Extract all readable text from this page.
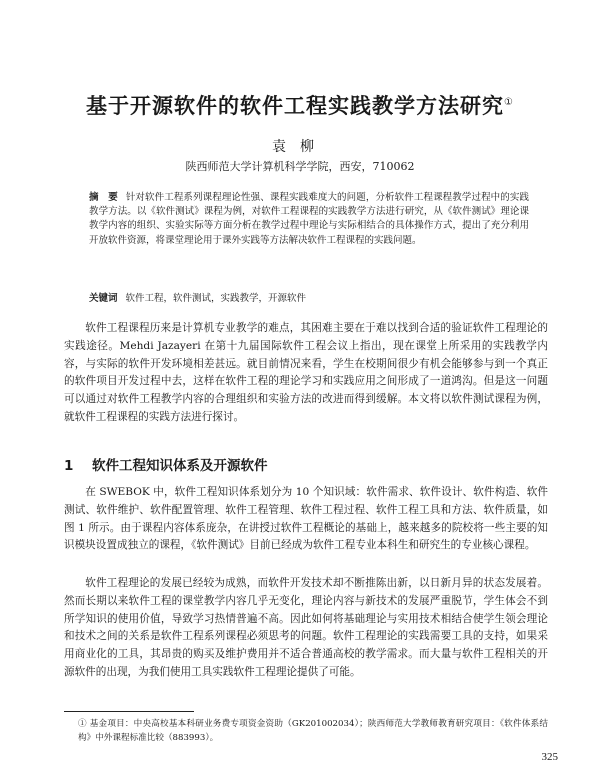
基于开源软件的软件工程实践教学方法研究①
袁柳
陕西师范大学计算机科学学院，西安，710062
摘　要 针对软件工程系列课程理论性强、课程实践难度大的问题，分析软件工程课程教学过程中的实践教学方法。以《软件测试》课程为例，对软件工程课程的实践教学方法进行研究，从《软件测试》理论课教学内容的组织、实验实际等方面分析在教学过程中理论与实际相结合的具体操作方式，提出了充分利用开放软件资源，将课堂理论用于课外实践等方法解决软件工程课程的实践问题。
关键词 软件工程，软件测试，实践教学，开源软件

软件工程课程历来是计算机专业教学的难点，其困难主要在于难以找到合适的验证软件工程理论的实践途径。Mehdi Jazayeri 在第十九届国际软件工程会议上指出，现在课堂上所采用的实践教学内容，与实际的软件开发环境相差甚远。就目前情况来看，学生在校期间很少有机会能够参与到一个真正的软件项目开发过程中去，这样在软件工程的理论学习和实践应用之间形成了一道鸿沟。但是这一问题可以通过对软件工程教学内容的合理组织和实验方法的改进而得到缓解。本文将以软件测试课程为例，就软件工程课程的实践方法进行探讨。

1 软件工程知识体系及开源软件

在 SWEBOK 中，软件工程知识体系划分为 10 个知识域：软件需求、软件设计、软件构造、软件测试、软件维护、软件配置管理、软件工程管理、软件工程过程、软件工程工具和方法、软件质量，如图 1 所示。由于课程内容体系庞杂，在讲授过软件工程概论的基础上，越来越多的院校将一些主要的知识模块设置成独立的课程，《软件测试》目前已经成为软件工程专业本科生和研究生的专业核心课程。

软件工程理论的发展已经较为成熟，而软件开发技术却不断推陈出新，以日新月异的状态发展着。然而长期以来软件工程的课堂教学内容几乎无变化，理论内容与新技术的发展严重脱节，学生体会不到所学知识的使用价值，导致学习热情普遍不高。因此如何将基础理论与实用技术相结合使学生领会理论和技术之间的关系是软件工程系列课程必须思考的问题。软件工程理论的实践需要工具的支持，如果采用商业化的工具，其昂贵的购买及维护费用并不适合普通高校的教学需求。而大量与软件工程相关的开源软件的出现，为我们使用工具实践软件工程理论提供了可能。

① 基金项目：中央高校基本科研业务费专项资金资助（GK201002034）；陕西师范大学教师教育研究项目：《软件体系结构》中外课程标准比较（883993）。
325
